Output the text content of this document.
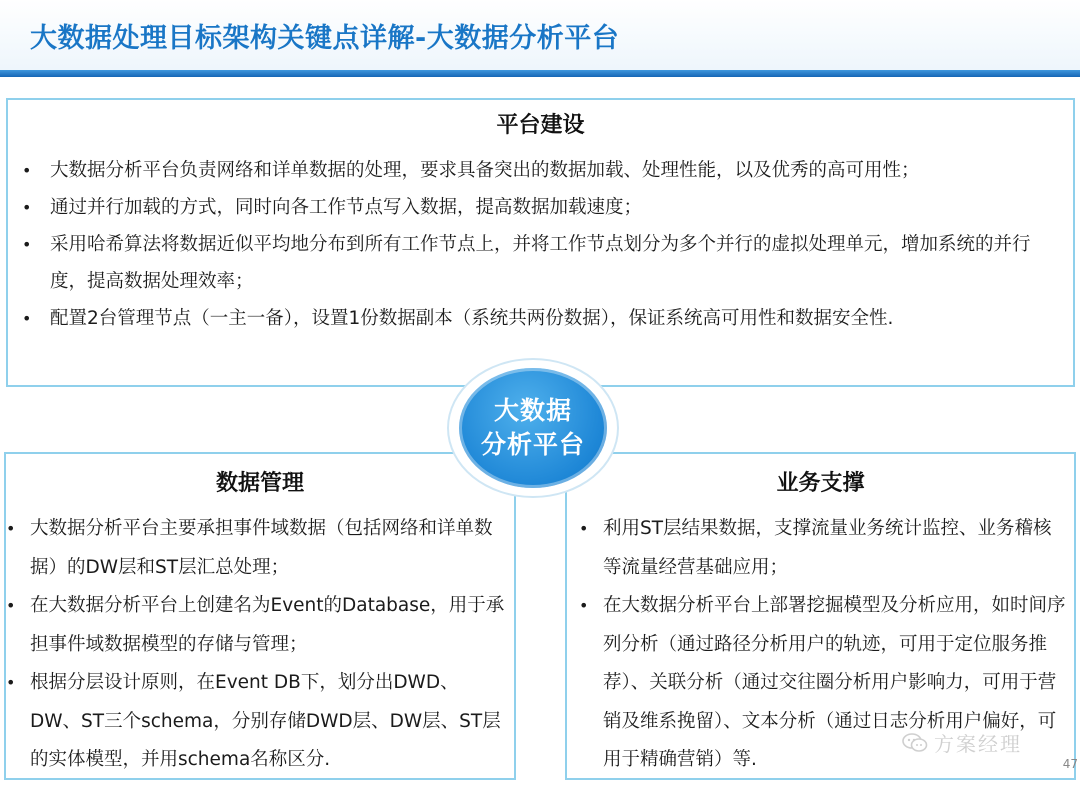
大数据处理目标架构关键点详解-大数据分析平台
平台建设
• 大数据分析平台负责网络和详单数据的处理，要求具备突出的数据加载、处理性能，以及优秀的高可用性；
• 通过并行加载的方式，同时向各工作节点写入数据，提高数据加载速度；
• 采用哈希算法将数据近似平均地分布到所有工作节点上，并将工作节点划分为多个并行的虚拟处理单元，增加系统的并行度，提高数据处理效率；
• 配置2台管理节点（一主一备），设置1份数据副本（系统共两份数据），保证系统高可用性和数据安全性.
数据管理
• 大数据分析平台主要承担事件域数据（包括网络和详单数据）的DW层和ST层汇总处理；
• 在大数据分析平台上创建名为Event的Database，用于承担事件域数据模型的存储与管理；
• 根据分层设计原则，在Event DB下，划分出DWD、DW、ST三个schema，分别存储DWD层、DW层、ST层的实体模型，并用schema名称区分.
业务支撑
• 利用ST层结果数据，支撑流量业务统计监控、业务稽核等流量经营基础应用；
• 在大数据分析平台上部署挖掘模型及分析应用，如时间序列分析（通过路径分析用户的轨迹，可用于定位服务推荐）、关联分析（通过交往圈分析用户影响力，可用于营销及维系挽留）、文本分析（通过日志分析用户偏好，可用于精确营销）等.
大数据
分析平台
方案经理
47
